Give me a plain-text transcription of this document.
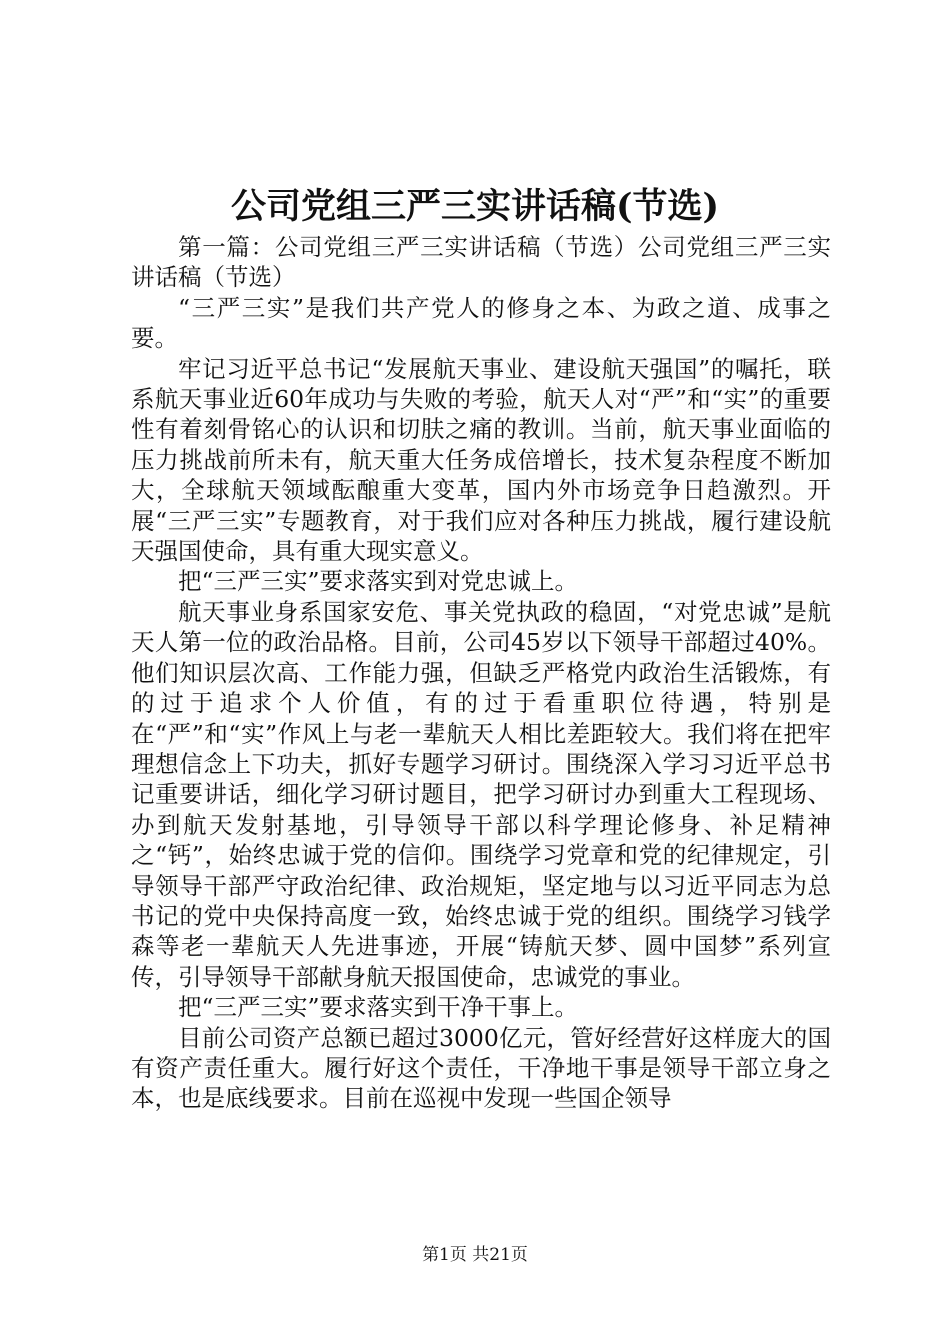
公司党组三严三实讲话稿(节选)

第一篇：公司党组三严三实讲话稿（节选）公司党组三严三实讲话稿（节选）

“三严三实”是我们共产党人的修身之本、为政之道、成事之要。

牢记习近平总书记“发展航天事业、建设航天强国”的嘱托，联系航天事业近60年成功与失败的考验，航天人对“严”和“实”的重要性有着刻骨铭心的认识和切肤之痛的教训。当前，航天事业面临的压力挑战前所未有，航天重大任务成倍增长，技术复杂程度不断加大，全球航天领域酝酿重大变革，国内外市场竞争日趋激烈。开展“三严三实”专题教育，对于我们应对各种压力挑战，履行建设航天强国使命，具有重大现实意义。

把“三严三实”要求落实到对党忠诚上。

航天事业身系国家安危、事关党执政的稳固，“对党忠诚”是航天人第一位的政治品格。目前，公司45岁以下领导干部超过40%。他们知识层次高、工作能力强，但缺乏严格党内政治生活锻炼，有的过于追求个人价值，有的过于看重职位待遇，特别是在“严”和“实”作风上与老一辈航天人相比差距较大。我们将在把牢理想信念上下功夫，抓好专题学习研讨。围绕深入学习习近平总书记重要讲话，细化学习研讨题目，把学习研讨办到重大工程现场、办到航天发射基地，引导领导干部以科学理论修身、补足精神之“钙”，始终忠诚于党的信仰。围绕学习党章和党的纪律规定，引导领导干部严守政治纪律、政治规矩，坚定地与以习近平同志为总书记的党中央保持高度一致，始终忠诚于党的组织。围绕学习钱学森等老一辈航天人先进事迹，开展“铸航天梦、圆中国梦”系列宣传，引导领导干部献身航天报国使命，忠诚党的事业。

把“三严三实”要求落实到干净干事上。

目前公司资产总额已超过3000亿元，管好经营好这样庞大的国有资产责任重大。履行好这个责任，干净地干事是领导干部立身之本，也是底线要求。目前在巡视中发现一些国企领导

第1页 共21页
